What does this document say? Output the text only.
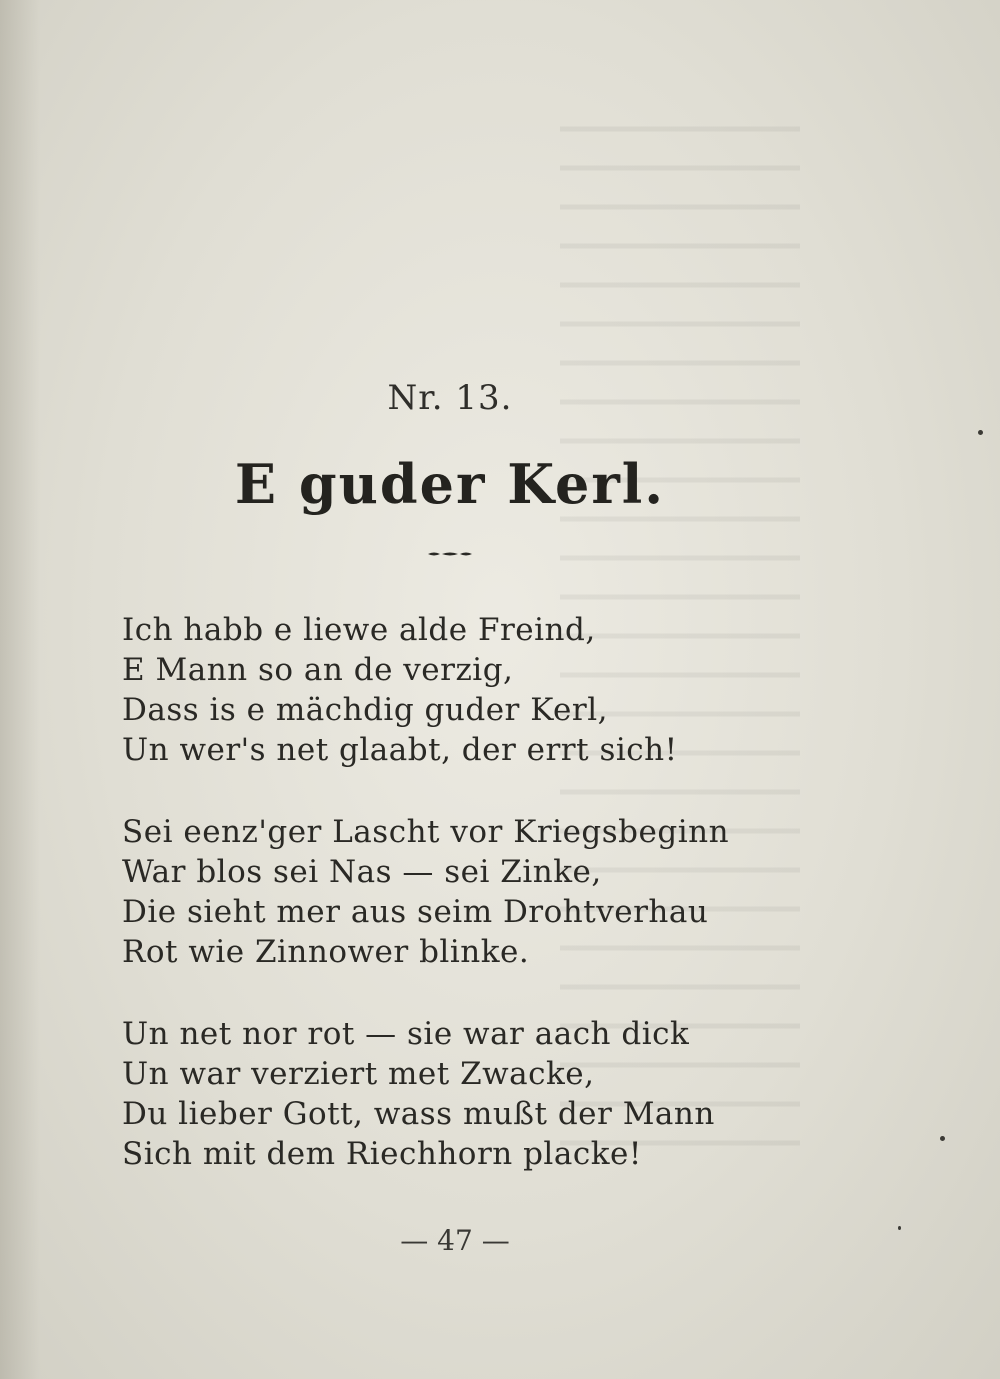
Nr. 13.
E guder Kerl.
Ich habb e liewe alde Freind,
E Mann so an de verzig,
Dass is e mächdig guder Kerl,
Un wer's net glaabt, der errt sich!
Sei eenz'ger Lascht vor Kriegsbeginn
War blos sei Nas — sei Zinke,
Die sieht mer aus seim Drohtverhau
Rot wie Zinnower blinke.
Un net nor rot — sie war aach dick
Un war verziert met Zwacke,
Du lieber Gott, wass mußt der Mann
Sich mit dem Riechhorn placke!
— 47 —
